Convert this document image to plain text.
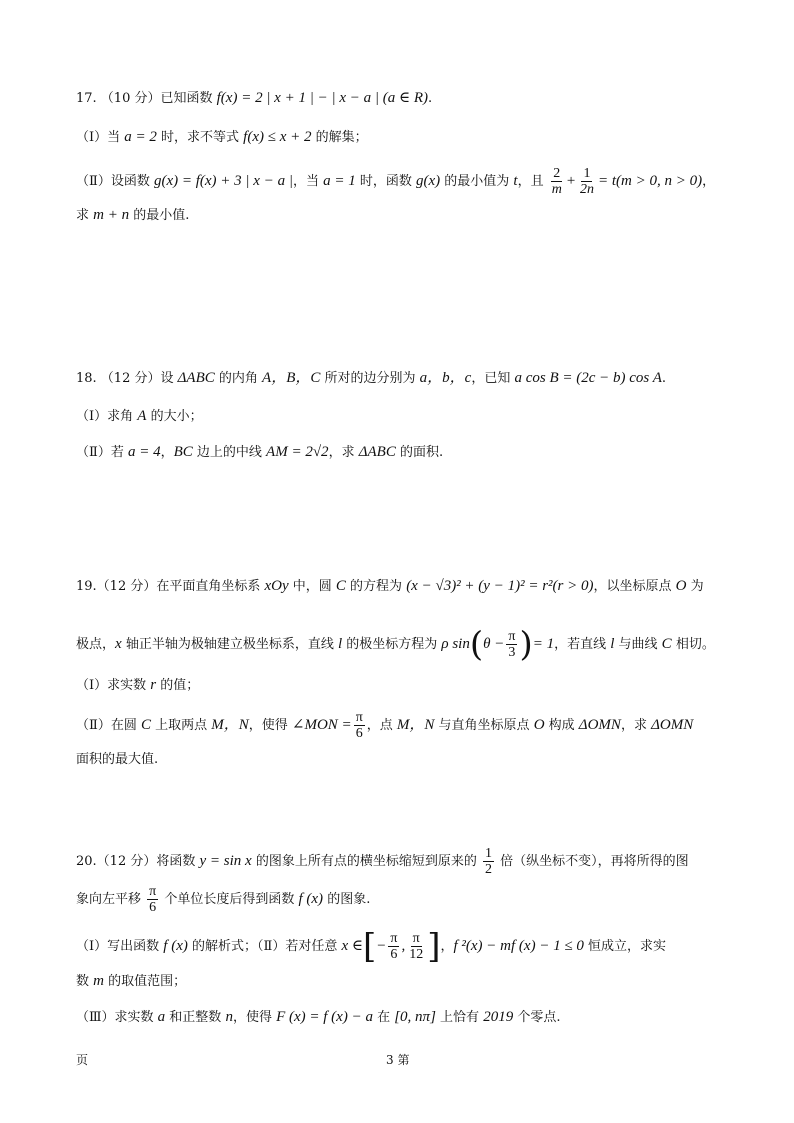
17. （10 分）已知函数 f(x) = 2 | x + 1 | − | x − a | (a ∈ R).
（Ⅰ）当 a = 2 时，求不等式 f(x) ≤ x + 2 的解集；
（Ⅱ）设函数 g(x) = f(x) + 3 | x − a |，当 a = 1 时，函数 g(x) 的最小值为 t，且 $\frac{2}{m} + \frac{1}{2n} = t(m > 0$, n > 0)，
求 m + n 的最小值.
18. （12 分）设 ΔABC 的内角 A，B，C 所对的边分别为 a，b，c，已知 a cos B = (2c − b) cos A.
（Ⅰ）求角 A 的大小；
（Ⅱ）若 a = 4，BC 边上的中线 AM = 2√2，求 ΔABC 的面积.
19.（12 分）在平面直角坐标系 xOy 中，圆 C 的方程为 (x − √3)² + (y − 1)² = r²(r > 0)，以坐标原点 O 为
极点，x 轴正半轴为极轴建立极坐标系，直线 l 的极坐标方程为 ρ $\sin(\theta - \frac{\pi}{3}$ )= 1，若直线 l 与曲线 C 相切。
（Ⅰ）求实数 r 的值；
（Ⅱ）在圆 C 上取两点 M，N，使得 ∠MON = $\frac{\pi}{6}$ ，点 M，N 与直角坐标原点 O 构成 ΔOMN，求 ΔOMN
面积的最大值.
20.（12 分）将函数 y = sin x 的图象上所有点的横坐标缩短到原来的 $\frac{1}{2}$ 倍（纵坐标不变），再将所得的图
象向左平移 $\frac{\pi}{6}$ 个单位长度后得到函数 f (x) 的图象.
（Ⅰ）写出函数 f (x) 的解析式；（Ⅱ）若对任意 x ∈[− $\frac{\pi}{6}$ , $\frac{\pi}{12}$ ]，f ²(x) − mf (x) − 1 ≤ 0 恒成立，求实
数 m 的取值范围；
（Ⅲ）求实数 a 和正整数 n，使得 F (x) = f (x) − a 在 [0, nπ] 上恰有 2019 个零点.
页	3 第
